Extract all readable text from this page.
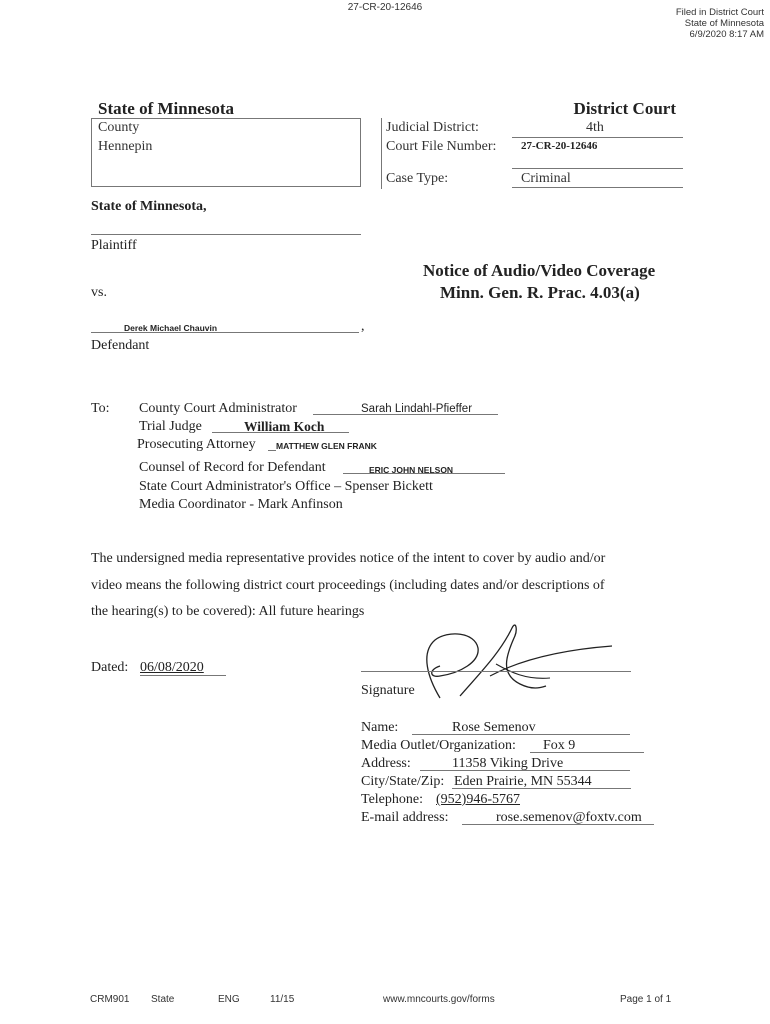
27-CR-20-12646	Filed in District Court
State of Minnesota
6/9/2020 8:17 AM
State of Minnesota	District Court
County
Hennepin
Judicial District:	4th
Court File Number: 27-CR-20-12646
Case Type:	Criminal
State of Minnesota,
Plaintiff
vs.
Notice of Audio/Video Coverage
Minn. Gen. R. Prac. 4.03(a)
Derek Michael Chauvin	,
Defendant
To: County Court Administrator	Sarah Lindahl-Pfieffer
Trial Judge	William Koch
Prosecuting Attorney MATTHEW GLEN FRANK
Counsel of Record for Defendant	ERIC JOHN NELSON
State Court Administrator's Office – Spenser Bickett
Media Coordinator - Mark Anfinson
The undersigned media representative provides notice of the intent to cover by audio and/or
video means the following district court proceedings (including dates and/or descriptions of
the hearing(s) to be covered): All future hearings
Dated: 06/08/2020
Signature
Name:	Rose Semenov
Media Outlet/Organization: Fox 9
Address:	11358 Viking Drive
City/State/Zip: Eden Prairie, MN 55344
Telephone: (952)946-5767
E-mail address:	rose.semenov@foxtv.com
CRM901 State	ENG	11/15	www.mncourts.gov/forms	Page 1 of 1
